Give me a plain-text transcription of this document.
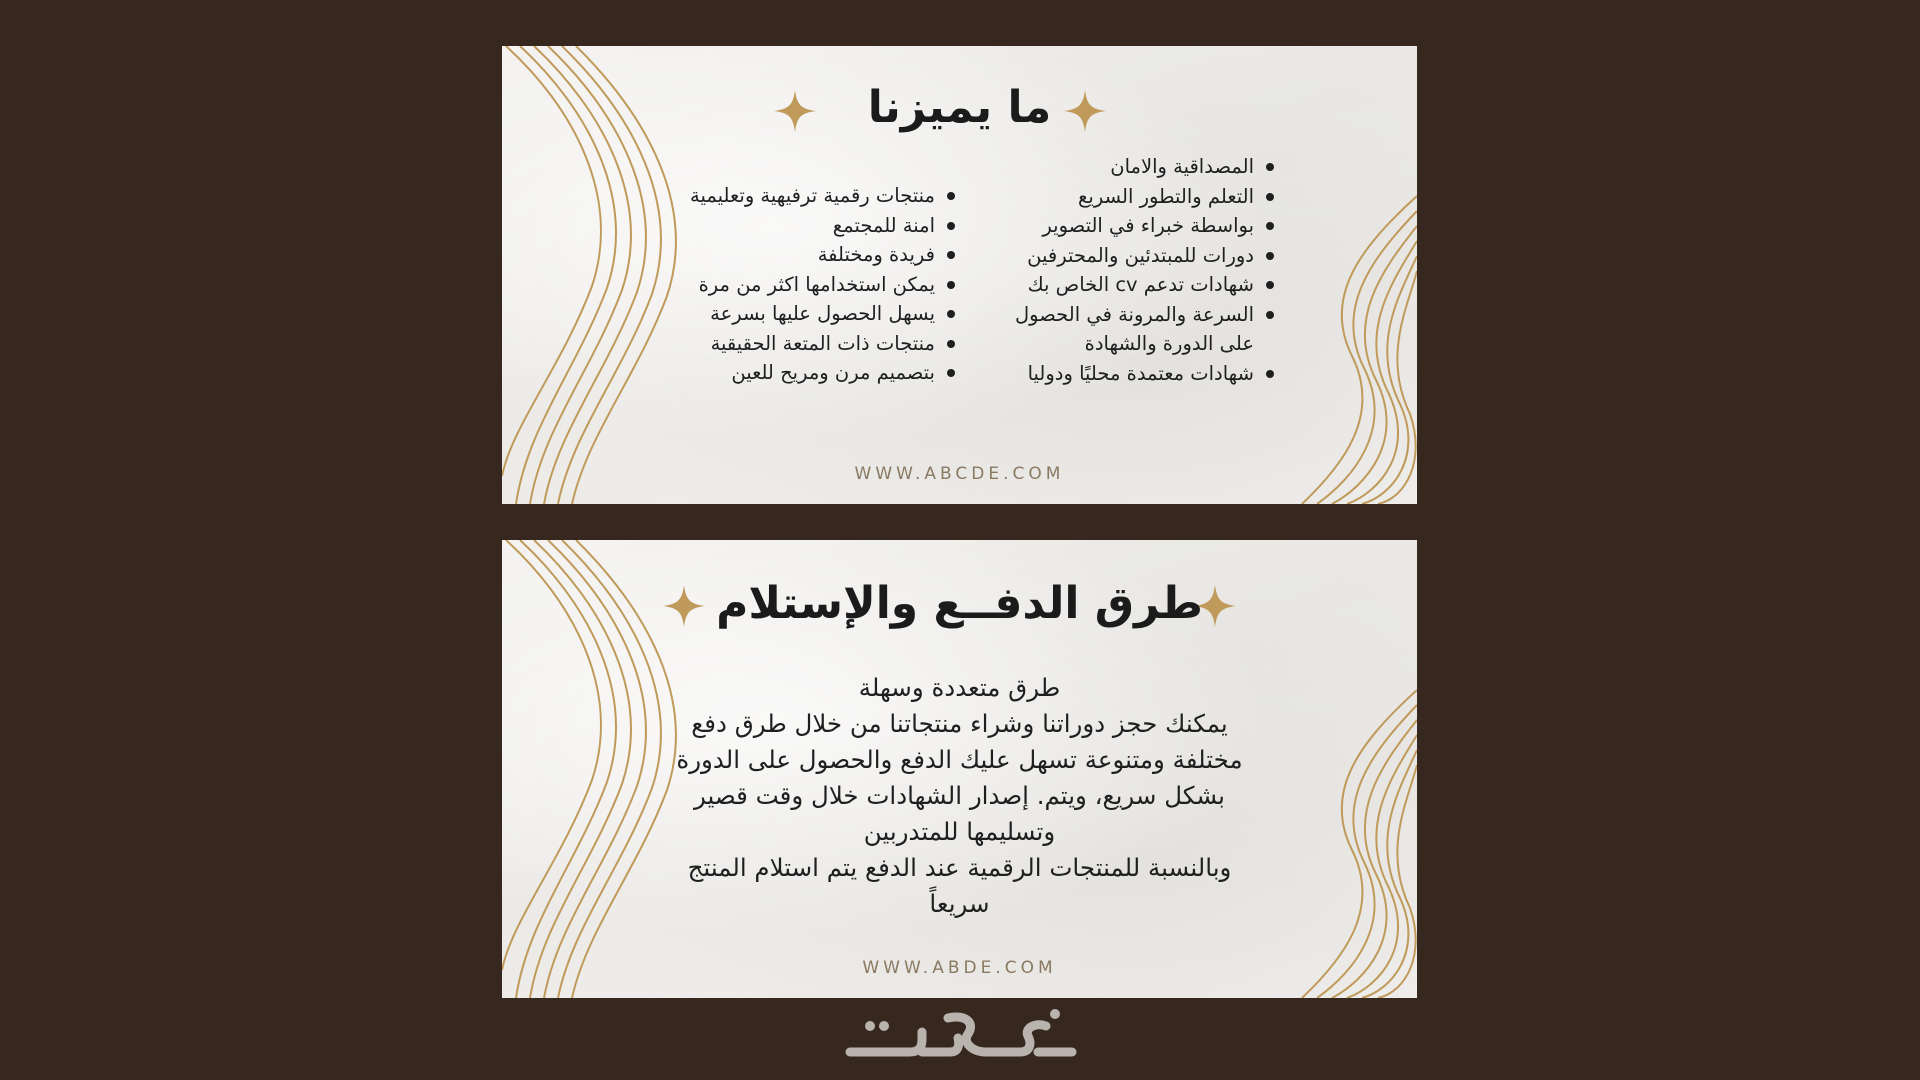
ما يميزنا
المصداقية والامان
التعلم والتطور السريع
بواسطة خبراء في التصوير
دورات للمبتدئين والمحترفين
شهادات تدعم cv الخاص بك
السرعة والمرونة في الحصول
على الدورة والشهادة
شهادات معتمدة محليًا ودوليا
منتجات رقمية ترفيهية وتعليمية
امنة للمجتمع
فريدة ومختلفة
يمكن استخدامها اكثر من مرة
يسهل الحصول عليها بسرعة
منتجات ذات المتعة الحقيقية
بتصميم مرن ومريح للعين
WWW.ABCDE.COM
طرق الدفــع والإستلام
طرق متعددة وسهلة
يمكنك حجز دوراتنا وشراء منتجاتنا من خلال طرق دفع
مختلفة ومتنوعة تسهل عليك الدفع والحصول على الدورة
بشكل سريع، ويتم. إصدار الشهادات خلال وقت قصير
وتسليمها للمتدربين
وبالنسبة للمنتجات الرقمية عند الدفع يتم استلام المنتج
سريعاً
WWW.ABDE.COM
